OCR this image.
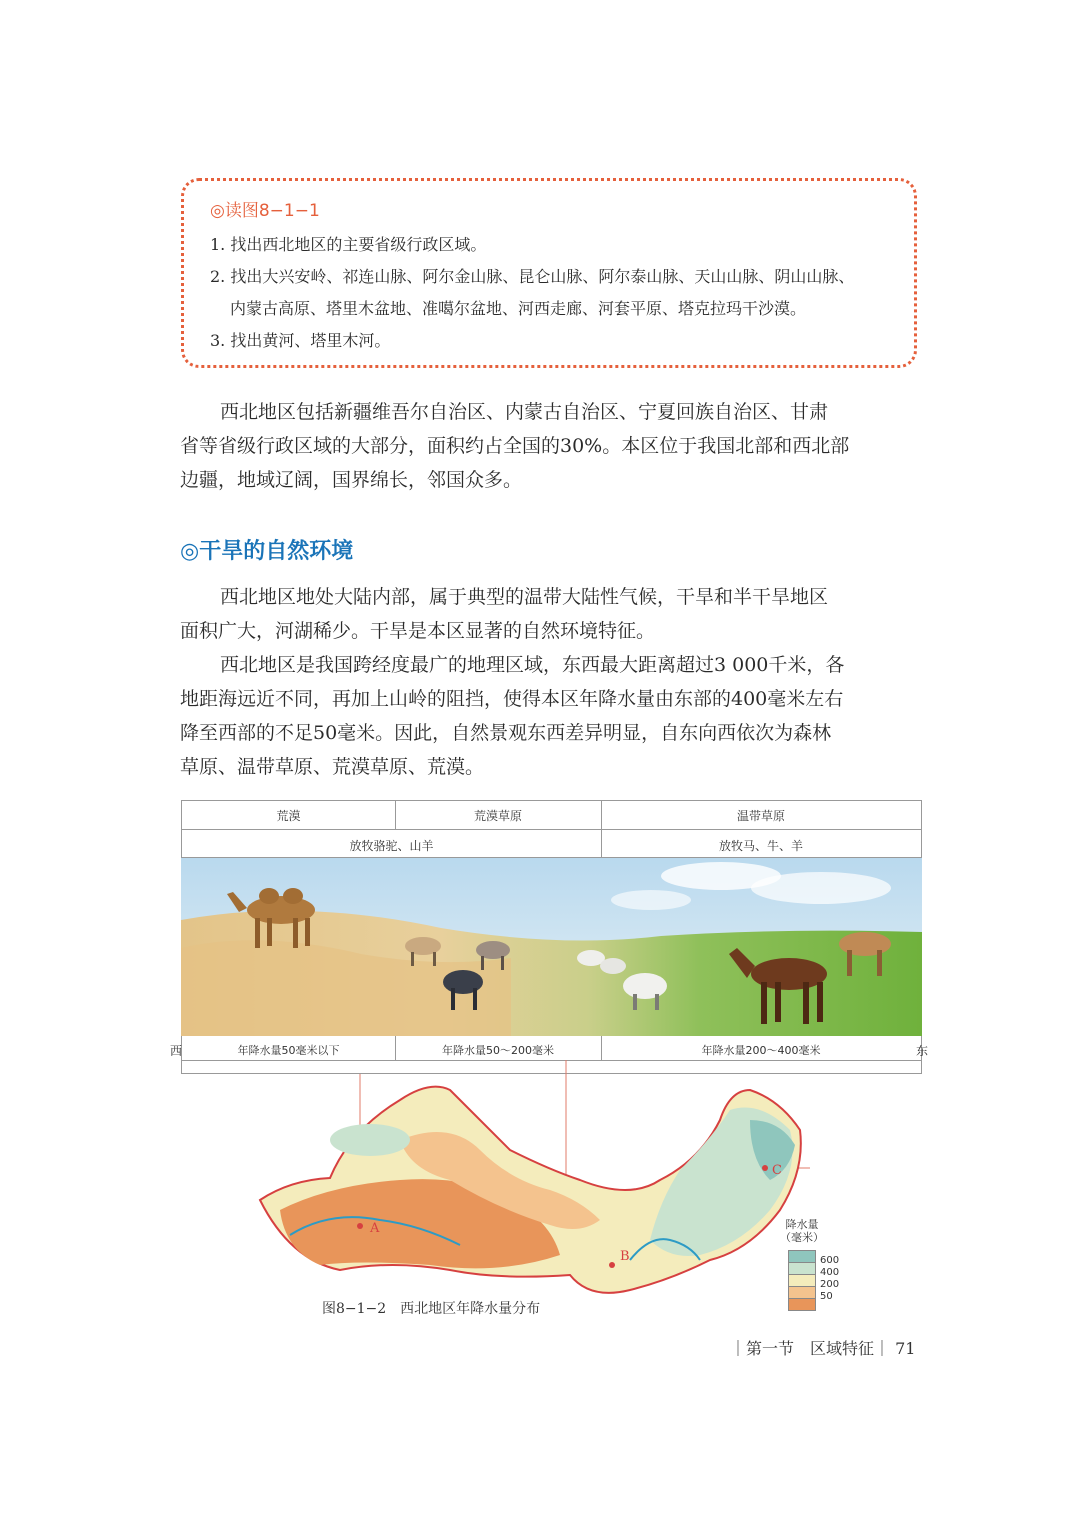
◎读图8−1−1
1. 找出西北地区的主要省级行政区域。
2. 找出大兴安岭、祁连山脉、阿尔金山脉、昆仑山脉、阿尔泰山脉、天山山脉、阴山山脉、
内蒙古高原、塔里木盆地、准噶尔盆地、河西走廊、河套平原、塔克拉玛干沙漠。
3. 找出黄河、塔里木河。
西北地区包括新疆维吾尔自治区、内蒙古自治区、宁夏回族自治区、甘肃
省等省级行政区域的大部分，面积约占全国的30%。本区位于我国北部和西北部
边疆，地域辽阔，国界绵长，邻国众多。
◎干旱的自然环境
西北地区地处大陆内部，属于典型的温带大陆性气候，干旱和半干旱地区
面积广大，河湖稀少。干旱是本区显著的自然环境特征。
西北地区是我国跨经度最广的地理区域，东西最大距离超过3 000千米，各
地距海远近不同，再加上山岭的阻挡，使得本区年降水量由东部的400毫米左右
降至西部的不足50毫米。因此，自然景观东西差异明显，自东向西依次为森林
草原、温带草原、荒漠草原、荒漠。
荒漠	荒漠草原	温带草原
放牧骆驼、山羊	放牧马、牛、羊
年降水量50毫米以下	年降水量50～200毫米	年降水量200～400毫米
西	东
A
B
C
降水量
（毫米）
600
400
200
50
图8−1−2　西北地区年降水量分布
｜第一节　区域特征｜ 71
